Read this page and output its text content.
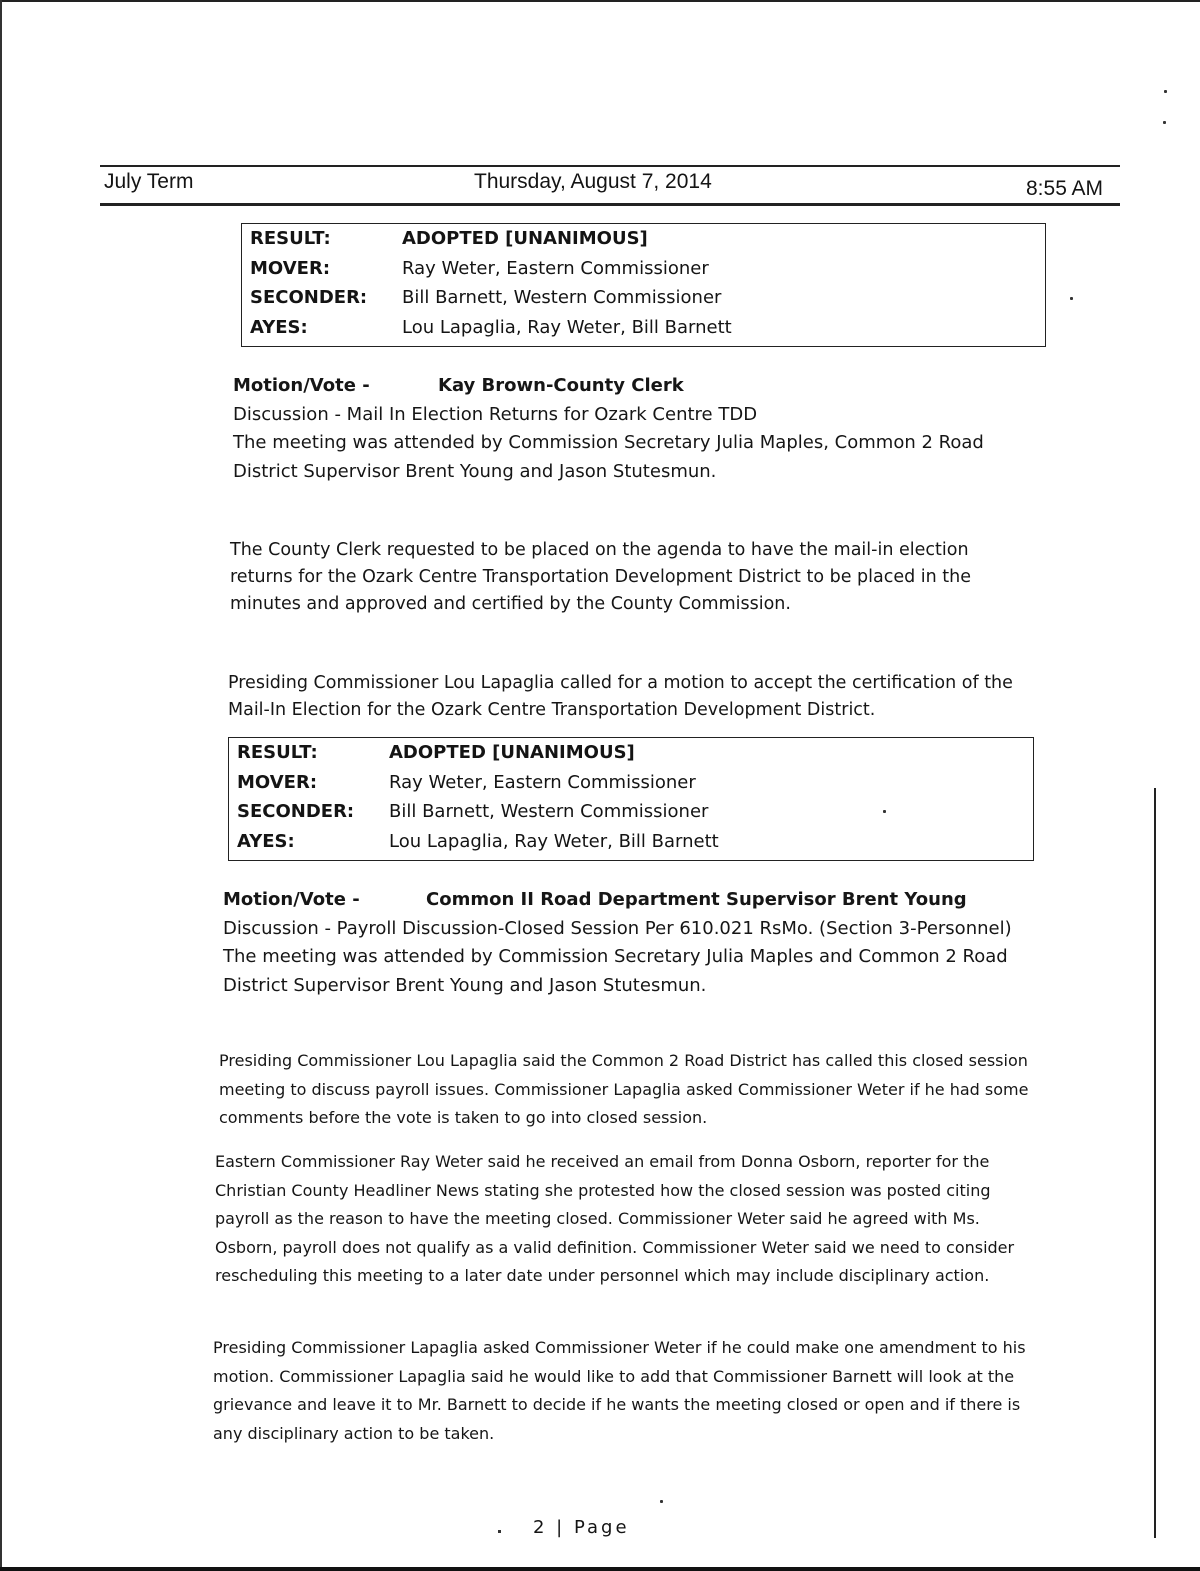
July Term	Thursday, August 7, 2014	8:55 AM
RESULT:	ADOPTED [UNANIMOUS]
MOVER:	Ray Weter, Eastern Commissioner
SECONDER:	Bill Barnett, Western Commissioner
AYES:	Lou Lapaglia, Ray Weter, Bill Barnett
Motion/Vote -	Kay Brown-County Clerk
Discussion - Mail In Election Returns for Ozark Centre TDD
The meeting was attended by Commission Secretary Julia Maples, Common 2 Road District Supervisor Brent Young and Jason Stutesmun.
The County Clerk requested to be placed on the agenda to have the mail-in election returns for the Ozark Centre Transportation Development District to be placed in the minutes and approved and certified by the County Commission.
Presiding Commissioner Lou Lapaglia called for a motion to accept the certification of the Mail-In Election for the Ozark Centre Transportation Development District.
RESULT:	ADOPTED [UNANIMOUS]
MOVER:	Ray Weter, Eastern Commissioner
SECONDER:	Bill Barnett, Western Commissioner
AYES:	Lou Lapaglia, Ray Weter, Bill Barnett
Motion/Vote -	Common II Road Department Supervisor Brent Young
Discussion - Payroll Discussion-Closed Session Per 610.021 RsMo. (Section 3-Personnel)
The meeting was attended by Commission Secretary Julia Maples and Common 2 Road District Supervisor Brent Young and Jason Stutesmun.
Presiding Commissioner Lou Lapaglia said the Common 2 Road District has called this closed session meeting to discuss payroll issues. Commissioner Lapaglia asked Commissioner Weter if he had some comments before the vote is taken to go into closed session.
Eastern Commissioner Ray Weter said he received an email from Donna Osborn, reporter for the Christian County Headliner News stating she protested how the closed session was posted citing payroll as the reason to have the meeting closed. Commissioner Weter said he agreed with Ms. Osborn, payroll does not qualify as a valid definition. Commissioner Weter said we need to consider rescheduling this meeting to a later date under personnel which may include disciplinary action.
Presiding Commissioner Lapaglia asked Commissioner Weter if he could make one amendment to his motion. Commissioner Lapaglia said he would like to add that Commissioner Barnett will look at the grievance and leave it to Mr. Barnett to decide if he wants the meeting closed or open and if there is any disciplinary action to be taken.
2 | Page
